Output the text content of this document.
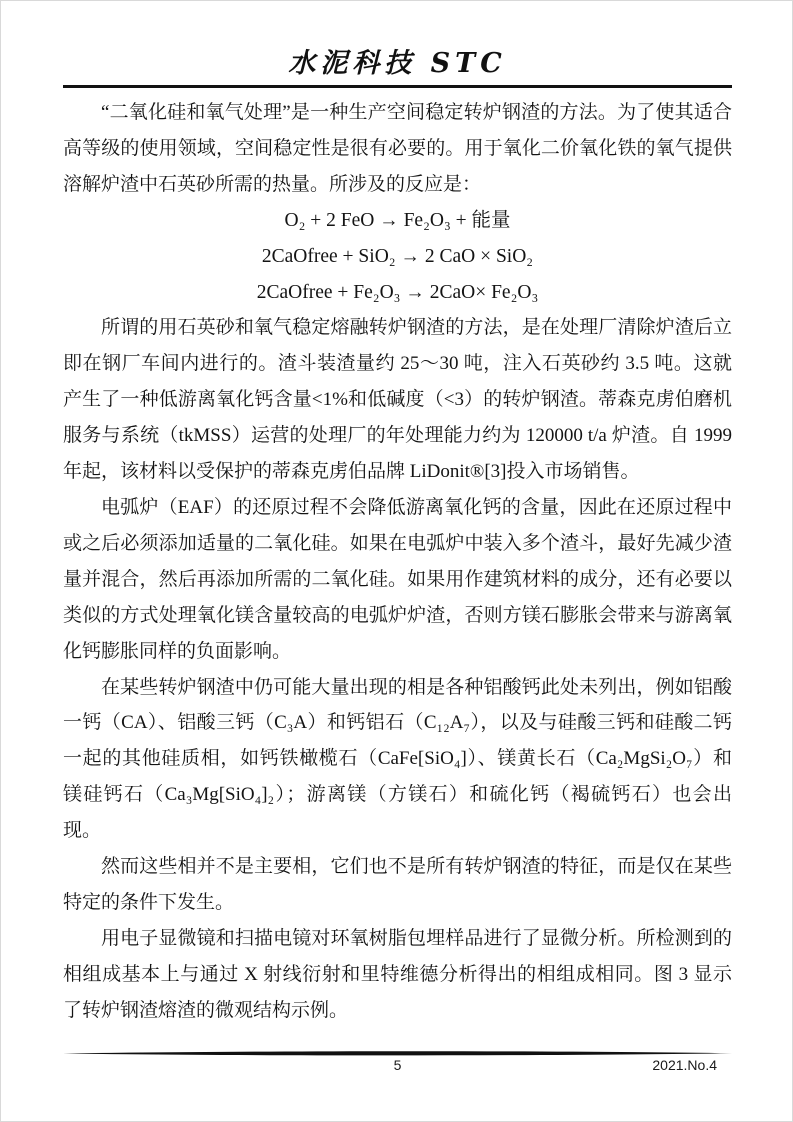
水泥科技 STC

“二氧化硅和氧气处理”是一种生产空间稳定转炉钢渣的方法。为了使其适合高等级的使用领域，空间稳定性是很有必要的。用于氧化二价氧化铁的氧气提供溶解炉渣中石英砂所需的热量。所涉及的反应是：

O₂ + 2 FeO → Fe₂O₃ + 能量
2CaOfree + SiO₂ → 2 CaO × SiO₂
2CaOfree + Fe₂O₃ → 2CaO× Fe₂O₃

所谓的用石英砂和氧气稳定熔融转炉钢渣的方法，是在处理厂清除炉渣后立即在钢厂车间内进行的。渣斗装渣量约 25～30 吨，注入石英砂约 3.5 吨。这就产生了一种低游离氧化钙含量<1%和低碱度（<3）的转炉钢渣。蒂森克虏伯磨机服务与系统（tkMSS）运营的处理厂的年处理能力约为 120000 t/a 炉渣。自 1999 年起，该材料以受保护的蒂森克虏伯品牌 LiDonit®[3]投入市场销售。

电弧炉（EAF）的还原过程不会降低游离氧化钙的含量，因此在还原过程中或之后必须添加适量的二氧化硅。如果在电弧炉中装入多个渣斗，最好先减少渣量并混合，然后再添加所需的二氧化硅。如果用作建筑材料的成分，还有必要以类似的方式处理氧化镁含量较高的电弧炉炉渣，否则方镁石膨胀会带来与游离氧化钙膨胀同样的负面影响。

在某些转炉钢渣中仍可能大量出现的相是各种铝酸钙此处未列出，例如铝酸一钙（CA）、铝酸三钙（C₃A）和钙铝石（C₁₂A₇），以及与硅酸三钙和硅酸二钙一起的其他硅质相，如钙铁橄榄石（CaFe[SiO₄]）、镁黄长石（Ca₂MgSi₂O₇）和镁硅钙石（Ca₃Mg[SiO₄]₂）；游离镁（方镁石）和硫化钙（褐硫钙石）也会出现。

然而这些相并不是主要相，它们也不是所有转炉钢渣的特征，而是仅在某些特定的条件下发生。

用电子显微镜和扫描电镜对环氧树脂包埋样品进行了显微分析。所检测到的相组成基本上与通过 X 射线衍射和里特维德分析得出的相组成相同。图 3 显示了转炉钢渣熔渣的微观结构示例。

5	2021.No.4
